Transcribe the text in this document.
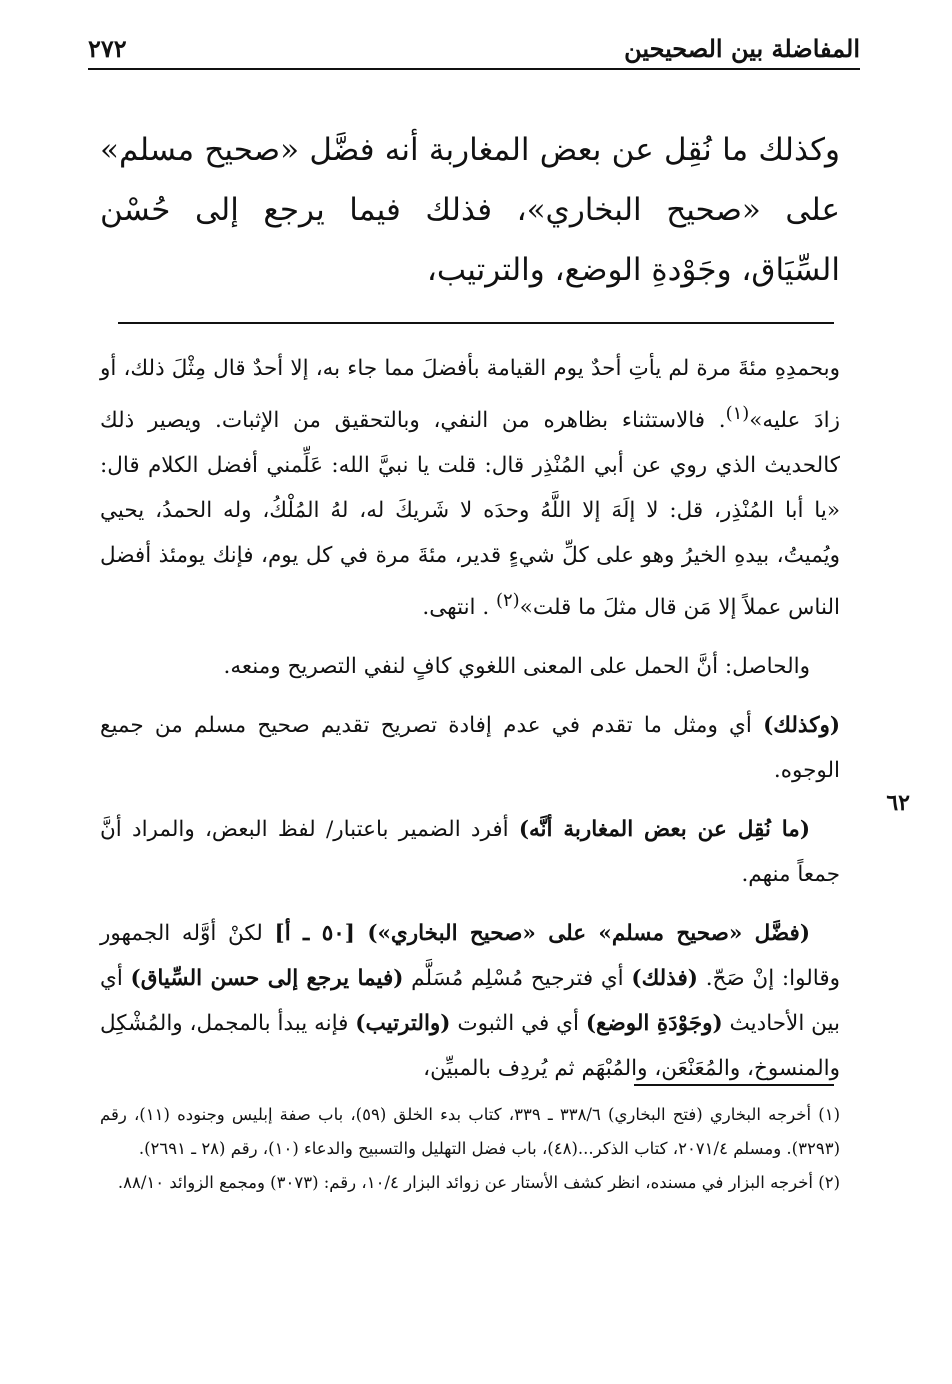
المفاضلة بين الصحيحين
٢٧٢
وكذلك ما نُقِل عن بعض المغاربة أنه فضَّل «صحيح مسلم» على «صحيح البخاري»، فذلك فيما يرجع إلى حُسْن السِّيَاق، وجَوْدةِ الوضع، والترتيب،

وبحمدِهِ مئةَ مرة لم يأتِ أحدٌ يوم القيامة بأفضلَ مما جاء به، إلا أحدٌ قال مِثْلَ ذلك، أو زادَ عليه»$^{(١)}$. فالاستثناء بظاهره من النفي، وبالتحقيق من الإثبات. ويصير ذلك كالحديث الذي روي عن أبي المُنْذِر قال: قلت يا نبيَّ الله: عَلِّمني أفضل الكلام قال: «يا أبا المُنْذِر، قل: لا إلَهَ إلا اللَّهُ وحدَه لا شَريكَ له، لهُ المُلْكُ، وله الحمدُ، يحيي ويُميتُ، بيدهِ الخيرُ وهو على كلِّ شيءٍ قدير، مئةَ مرة في كل يوم، فإنك يومئذ أفضل الناس عملاً إلا مَن قال مثلَ ما قلت»$^{(٢)}$ . انتهى.

والحاصل: أنَّ الحمل على المعنى اللغوي كافٍ لنفي التصريح ومنعه.

(وكذلك) أي ومثل ما تقدم في عدم إفادة تصريح تقديم صحيح مسلم من جميع الوجوه.

(ما نُقِل عن بعض المغاربة أنَّه) أفرد الضمير باعتبار/ لفظ البعض، والمراد أنَّ جمعاً منهم.

(فضَّل «صحيح مسلم» على «صحيح البخاري») [٥٠ ـ أ] لكنْ أوَّله الجمهور وقالوا: إنْ صَحّ. (فذلك) أي فترجيح مُسْلِم مُسَلَّم (فيما يرجع إلى حسن السِّياق) أي بين الأحاديث (وجَوْدَةِ الوضع) أي في الثبوت (والترتيب) فإنه يبدأ بالمجمل، والمُشْكِل والمنسوخ، والمُعَنْعَن، والمُبْهَم ثم يُردِف بالمبيِّن،

٦٢

(١) أخرجه البخاري (فتح البخاري) ٣٣٨/٦ ـ ٣٣٩، كتاب بدء الخلق (٥٩)، باب صفة إبليس وجنوده (١١)، رقم (٣٢٩٣). ومسلم ٢٠٧١/٤، كتاب الذكر...(٤٨)، باب فضل التهليل والتسبيح والدعاء (١٠)، رقم (٢٨ ـ ٢٦٩١).

(٢) أخرجه البزار في مسنده، انظر كشف الأستار عن زوائد البزار ١٠/٤، رقم: (٣٠٧٣) ومجمع الزوائد ٨٨/١٠.
